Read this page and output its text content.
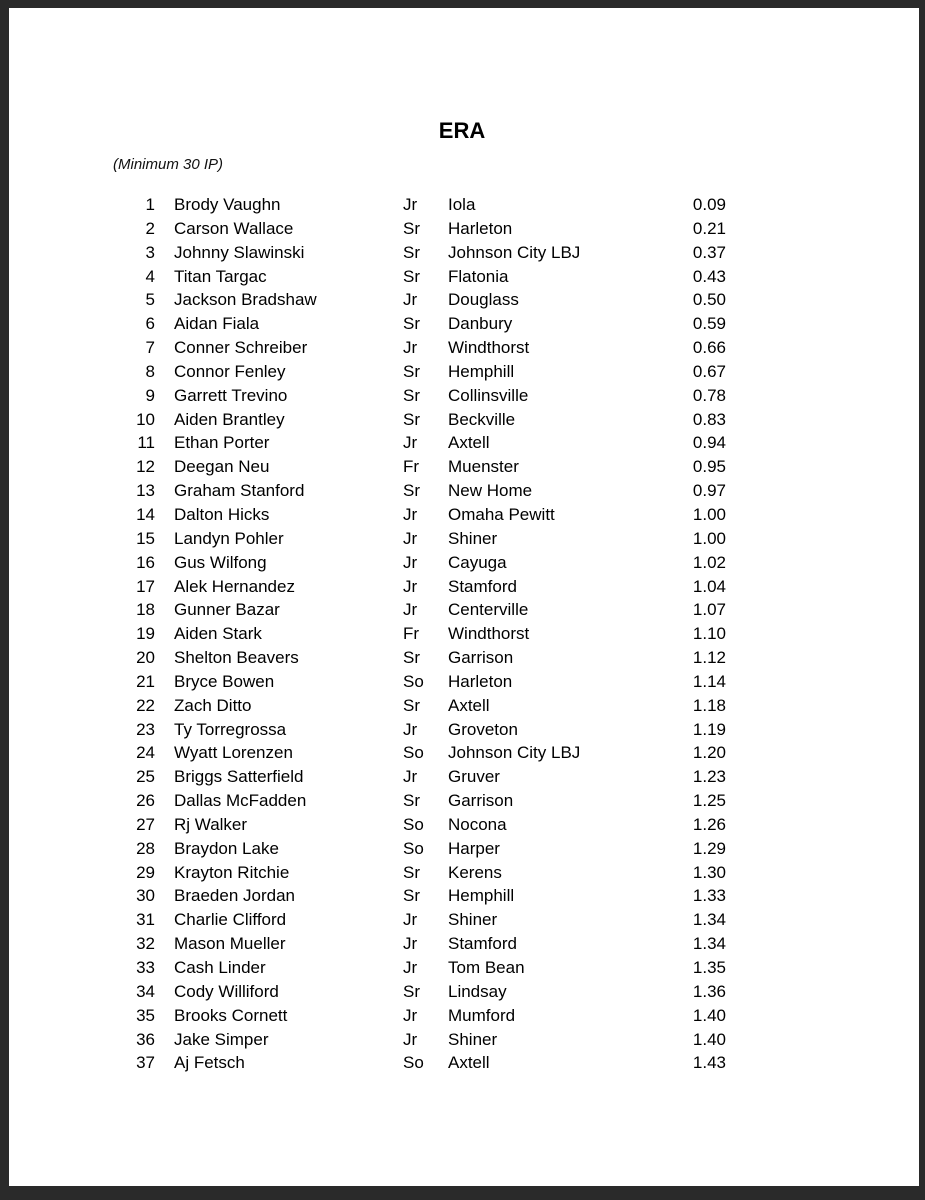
ERA
(Minimum 30 IP)
1 Brody Vaughn	Jr Iola	0.09
2 Carson Wallace	Sr Harleton	0.21
3 Johnny Slawinski	Sr Johnson City LBJ	0.37
4 Titan Targac	Sr Flatonia	0.43
5 Jackson Bradshaw	Jr Douglass	0.50
6 Aidan Fiala	Sr Danbury	0.59
7 Conner Schreiber	Jr Windthorst	0.66
8 Connor Fenley	Sr Hemphill	0.67
9 Garrett Trevino	Sr Collinsville	0.78
10 Aiden Brantley	Sr Beckville	0.83
11 Ethan Porter	Jr Axtell	0.94
12 Deegan Neu	Fr Muenster	0.95
13 Graham Stanford	Sr New Home	0.97
14 Dalton Hicks	Jr Omaha Pewitt	1.00
15 Landyn Pohler	Jr Shiner	1.00
16 Gus Wilfong	Jr Cayuga	1.02
17 Alek Hernandez	Jr Stamford	1.04
18 Gunner Bazar	Jr Centerville	1.07
19 Aiden Stark	Fr Windthorst	1.10
20 Shelton Beavers	Sr Garrison	1.12
21 Bryce Bowen	So Harleton	1.14
22 Zach Ditto	Sr Axtell	1.18
23 Ty Torregrossa	Jr Groveton	1.19
24 Wyatt Lorenzen	So Johnson City LBJ	1.20
25 Briggs Satterfield	Jr Gruver	1.23
26 Dallas McFadden	Sr Garrison	1.25
27 Rj Walker	So Nocona	1.26
28 Braydon Lake	So Harper	1.29
29 Krayton Ritchie	Sr Kerens	1.30
30 Braeden Jordan	Sr Hemphill	1.33
31 Charlie Clifford	Jr Shiner	1.34
32 Mason Mueller	Jr Stamford	1.34
33 Cash Linder	Jr Tom Bean	1.35
34 Cody Williford	Sr Lindsay	1.36
35 Brooks Cornett	Jr Mumford	1.40
36 Jake Simper	Jr Shiner	1.40
37 Aj Fetsch	So Axtell	1.43
